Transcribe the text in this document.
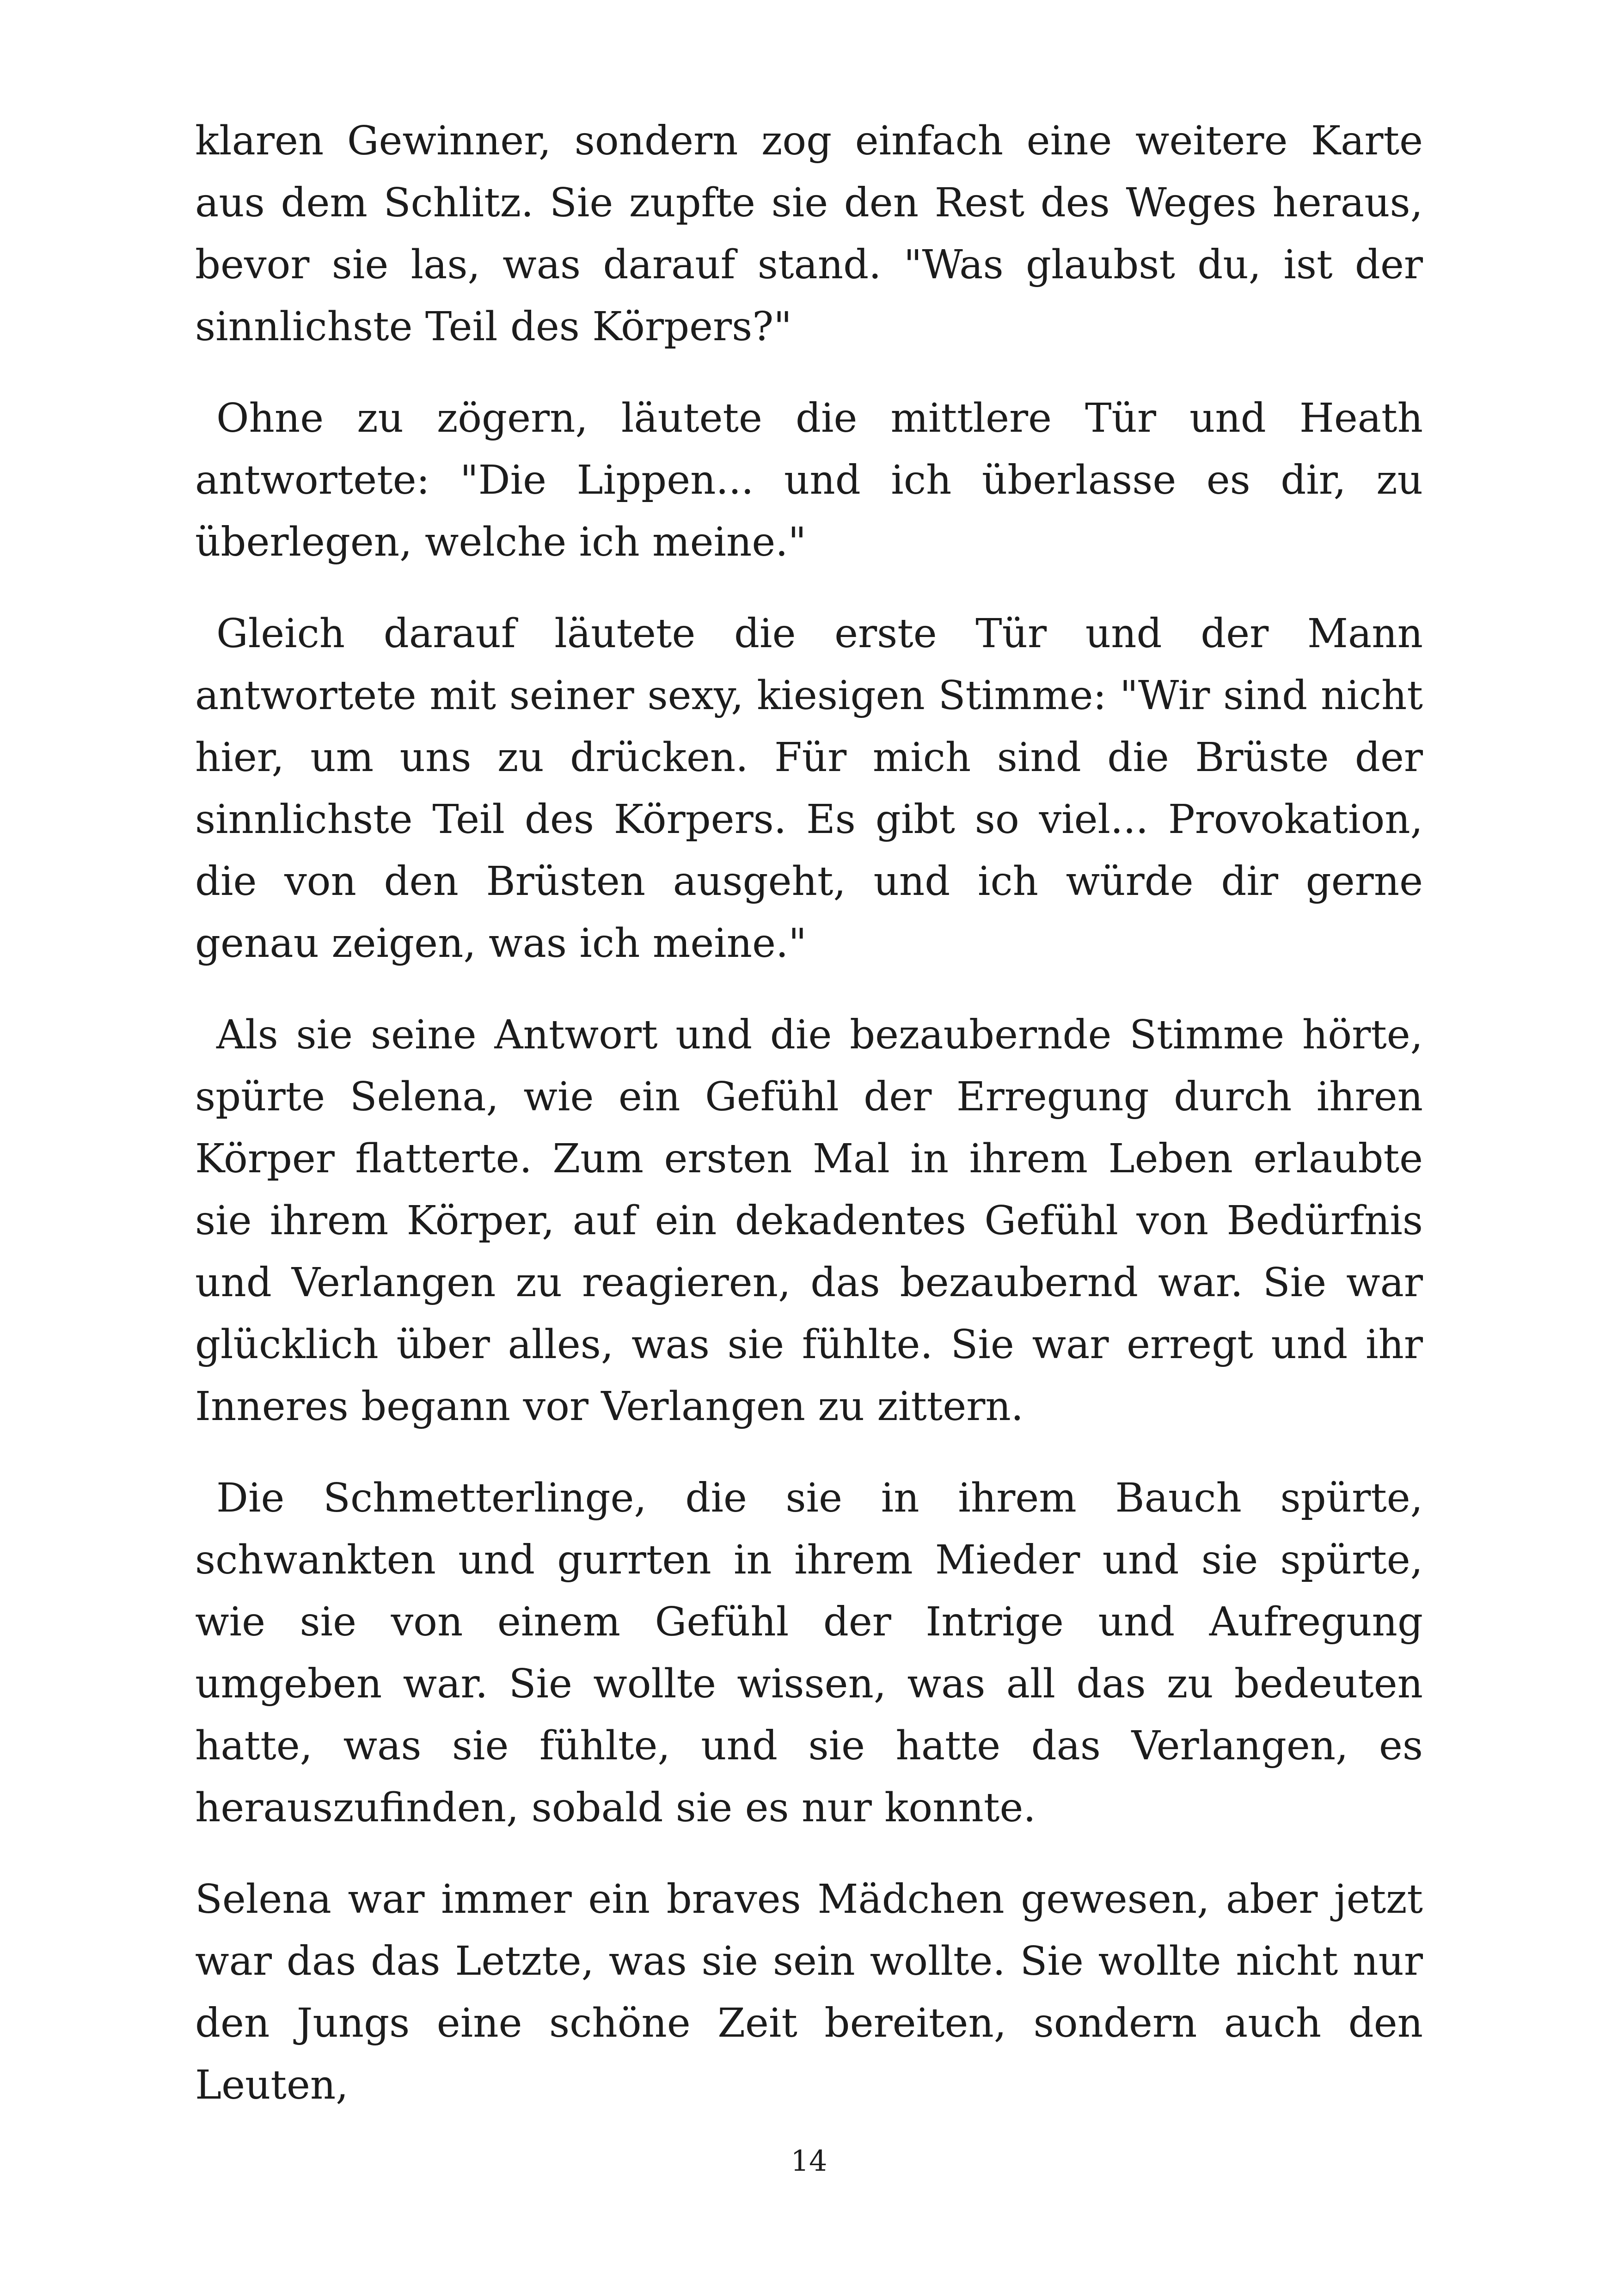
klaren Gewinner, sondern zog einfach eine weitere Karte aus dem Schlitz. Sie zupfte sie den Rest des Weges heraus, bevor sie las, was darauf stand. "Was glaubst du, ist der sinnlichste Teil des Körpers?"

Ohne zu zögern, läutete die mittlere Tür und Heath antwortete: "Die Lippen... und ich überlasse es dir, zu überlegen, welche ich meine."

Gleich darauf läutete die erste Tür und der Mann antwortete mit seiner sexy, kiesigen Stimme: "Wir sind nicht hier, um uns zu drücken. Für mich sind die Brüste der sinnlichste Teil des Körpers. Es gibt so viel... Provokation, die von den Brüsten ausgeht, und ich würde dir gerne genau zeigen, was ich meine."

Als sie seine Antwort und die bezaubernde Stimme hörte, spürte Selena, wie ein Gefühl der Erregung durch ihren Körper flatterte. Zum ersten Mal in ihrem Leben erlaubte sie ihrem Körper, auf ein dekadentes Gefühl von Bedürfnis und Verlangen zu reagieren, das bezaubernd war. Sie war glücklich über alles, was sie fühlte. Sie war erregt und ihr Inneres begann vor Verlangen zu zittern.

Die Schmetterlinge, die sie in ihrem Bauch spürte, schwankten und gurrten in ihrem Mieder und sie spürte, wie sie von einem Gefühl der Intrige und Aufregung umgeben war. Sie wollte wissen, was all das zu bedeuten hatte, was sie fühlte, und sie hatte das Verlangen, es herauszufinden, sobald sie es nur konnte.

Selena war immer ein braves Mädchen gewesen, aber jetzt war das das Letzte, was sie sein wollte. Sie wollte nicht nur den Jungs eine schöne Zeit bereiten, sondern auch den Leuten,

14
